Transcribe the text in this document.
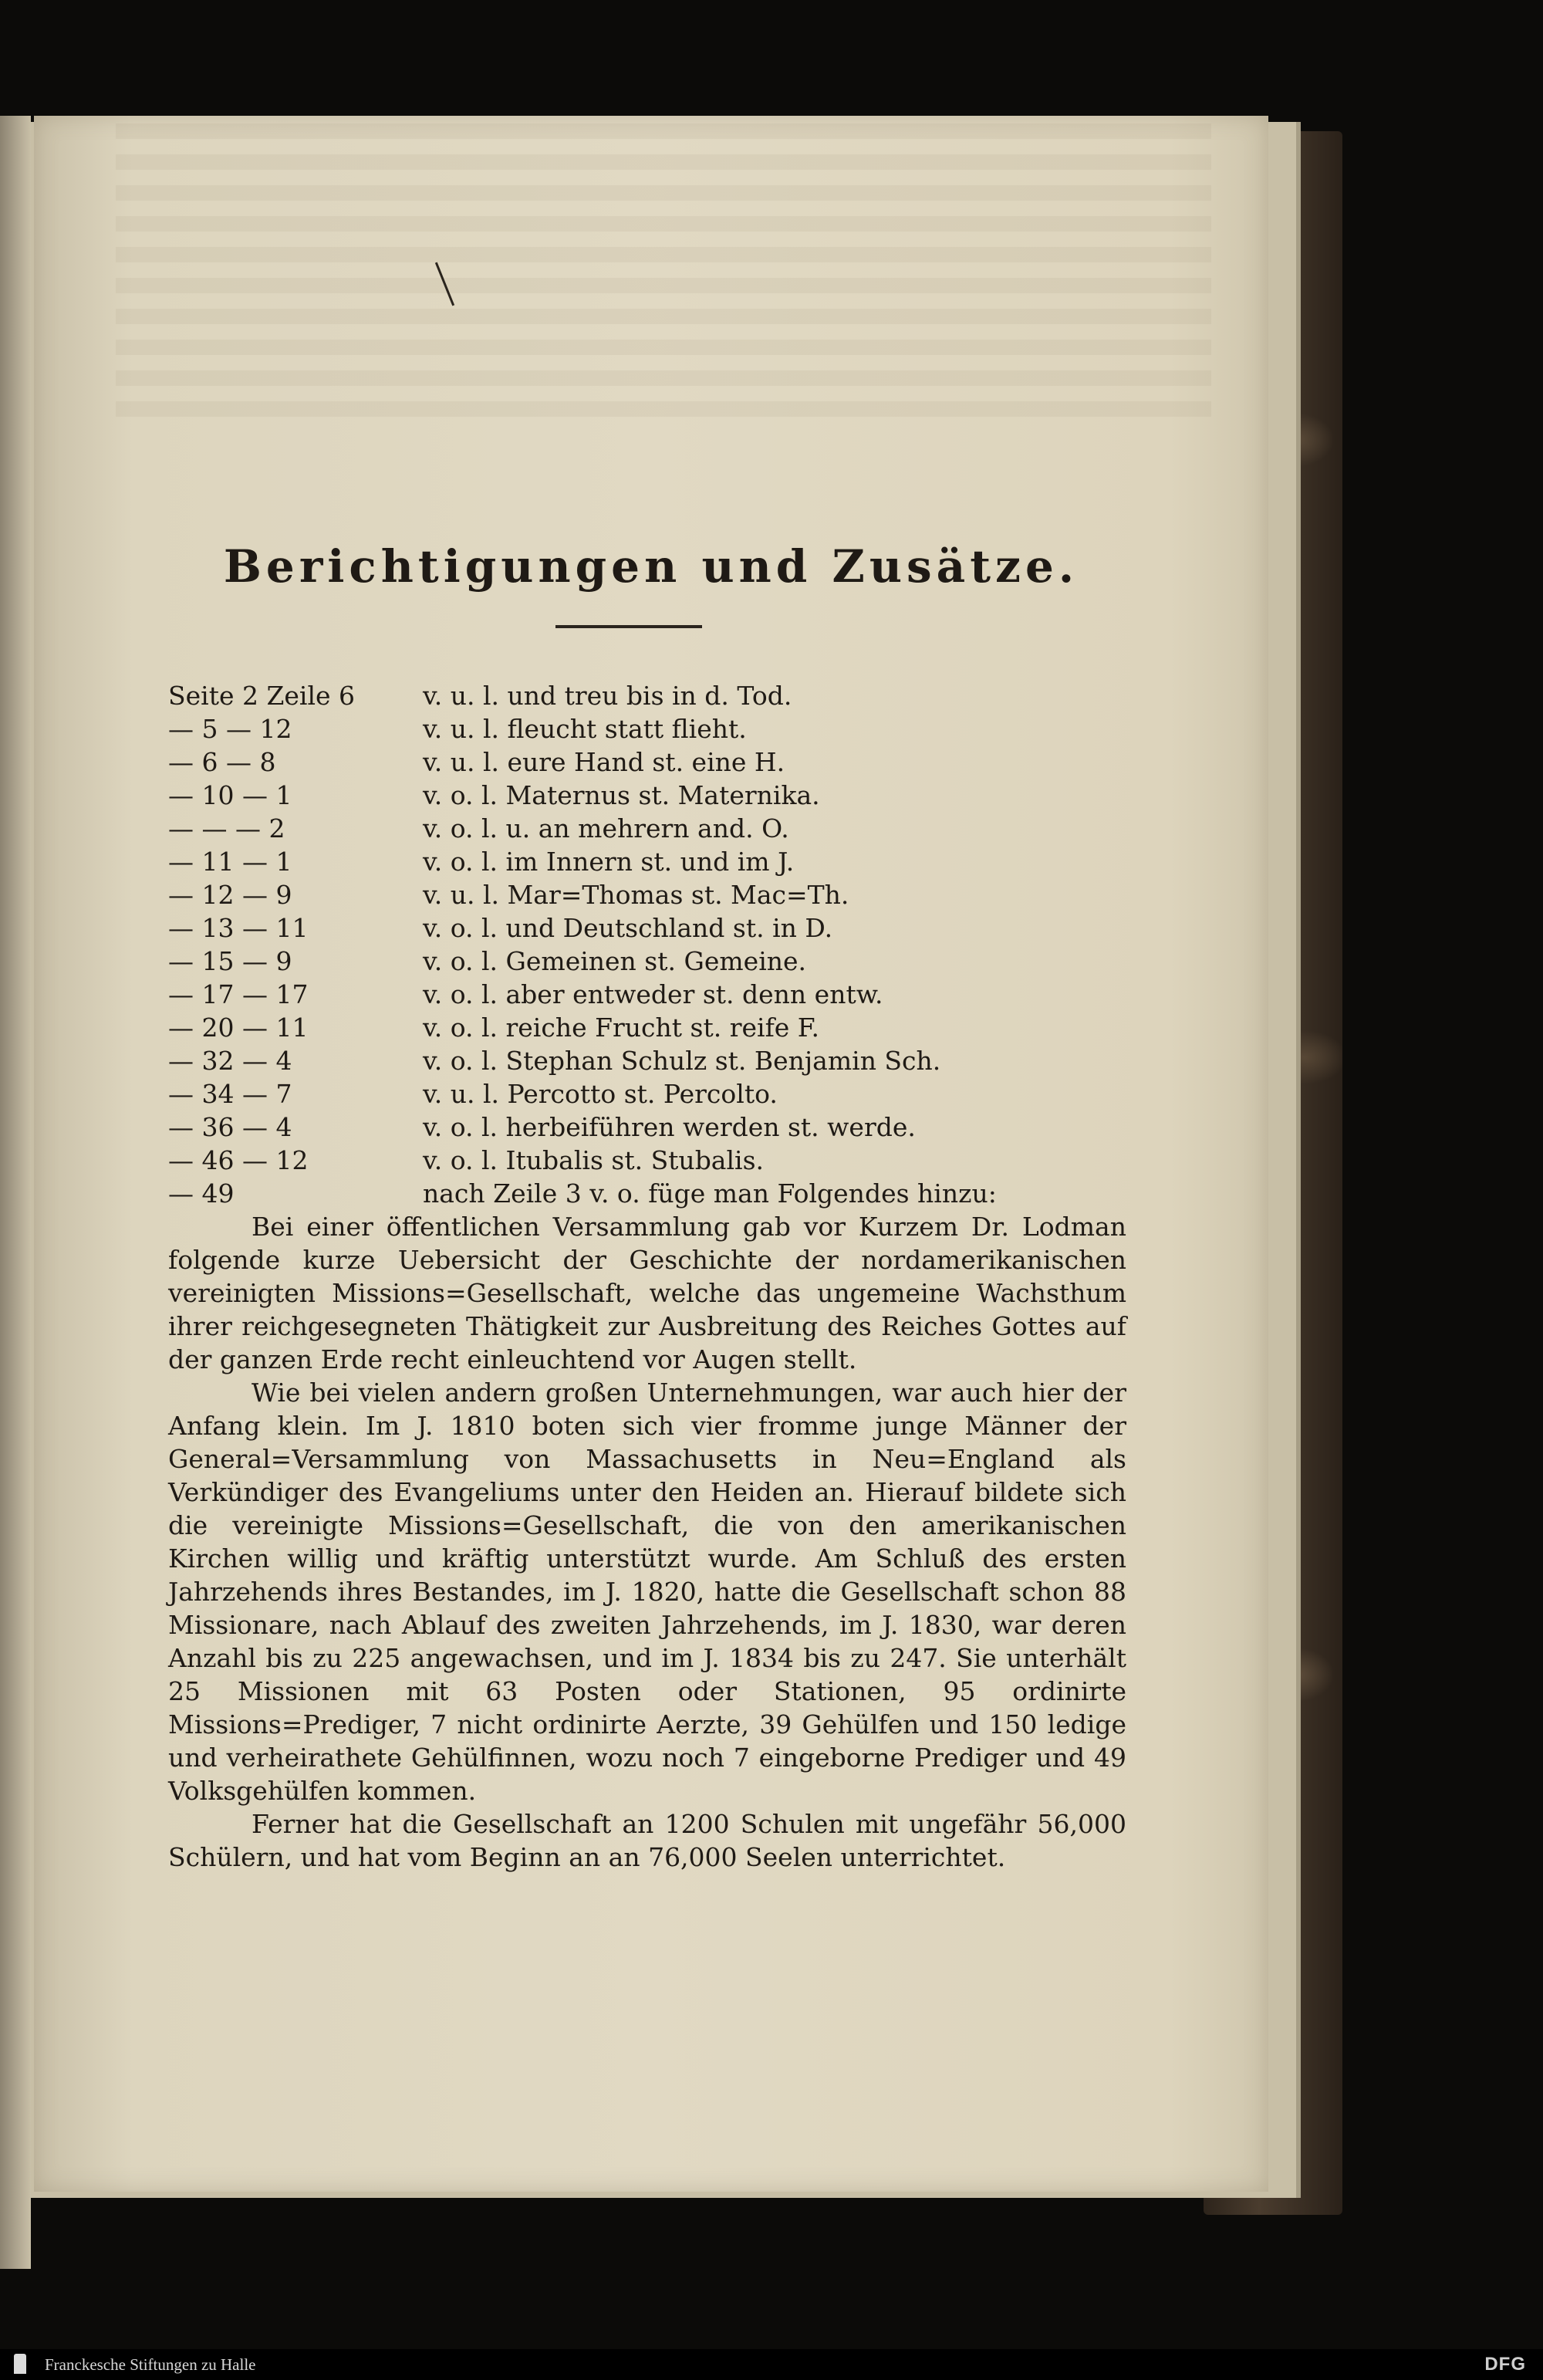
Berichtigungen und Zusätze.
Seite 2 Zeile 6	v. u. l. und treu bis in d. Tod.
— 5 — 12	v. u. l. fleucht statt flieht.
— 6 — 8	v. u. l. eure Hand st. eine H.
— 10 — 1	v. o. l. Maternus st. Maternika.
— — — 2	v. o. l. u. an mehrern and. O.
— 11 — 1	v. o. l. im Innern st. und im J.
— 12 — 9	v. u. l. Mar=Thomas st. Mac=Th.
— 13 — 11	v. o. l. und Deutschland st. in D.
— 15 — 9	v. o. l. Gemeinen st. Gemeine.
— 17 — 17	v. o. l. aber entweder st. denn entw.
— 20 — 11	v. o. l. reiche Frucht st. reife F.
— 32 — 4	v. o. l. Stephan Schulz st. Benjamin Sch.
— 34 — 7	v. u. l. Percotto st. Percolto.
— 36 — 4	v. o. l. herbeiführen werden st. werde.
— 46 — 12	v. o. l. Itubalis st. Stubalis.
— 49	nach Zeile 3 v. o. füge man Folgendes hinzu:

Bei einer öffentlichen Versammlung gab vor Kurzem Dr. Lodman folgende kurze Uebersicht der Geschichte der nordamerikanischen vereinigten Missions=Gesellschaft, welche das ungemeine Wachsthum ihrer reichgesegneten Thätigkeit zur Ausbreitung des Reiches Gottes auf der ganzen Erde recht einleuchtend vor Augen stellt.

Wie bei vielen andern großen Unternehmungen, war auch hier der Anfang klein. Im J. 1810 boten sich vier fromme junge Männer der General=Versammlung von Massachusetts in Neu=England als Verkündiger des Evangeliums unter den Heiden an. Hierauf bildete sich die vereinigte Missions=Gesellschaft, die von den amerikanischen Kirchen willig und kräftig unterstützt wurde. Am Schluß des ersten Jahrzehends ihres Bestandes, im J. 1820, hatte die Gesellschaft schon 88 Missionare, nach Ablauf des zweiten Jahrzehends, im J. 1830, war deren Anzahl bis zu 225 angewachsen, und im J. 1834 bis zu 247. Sie unterhält 25 Missionen mit 63 Posten oder Stationen, 95 ordinirte Missions=Prediger, 7 nicht ordinirte Aerzte, 39 Gehülfen und 150 ledige und verheirathete Gehülfinnen, wozu noch 7 eingeborne Prediger und 49 Volksgehülfen kommen.

Ferner hat die Gesellschaft an 1200 Schulen mit ungefähr 56,000 Schülern, und hat vom Beginn an an 76,000 Seelen unterrichtet.

Franckesche Stiftungen zu Halle	DFG
